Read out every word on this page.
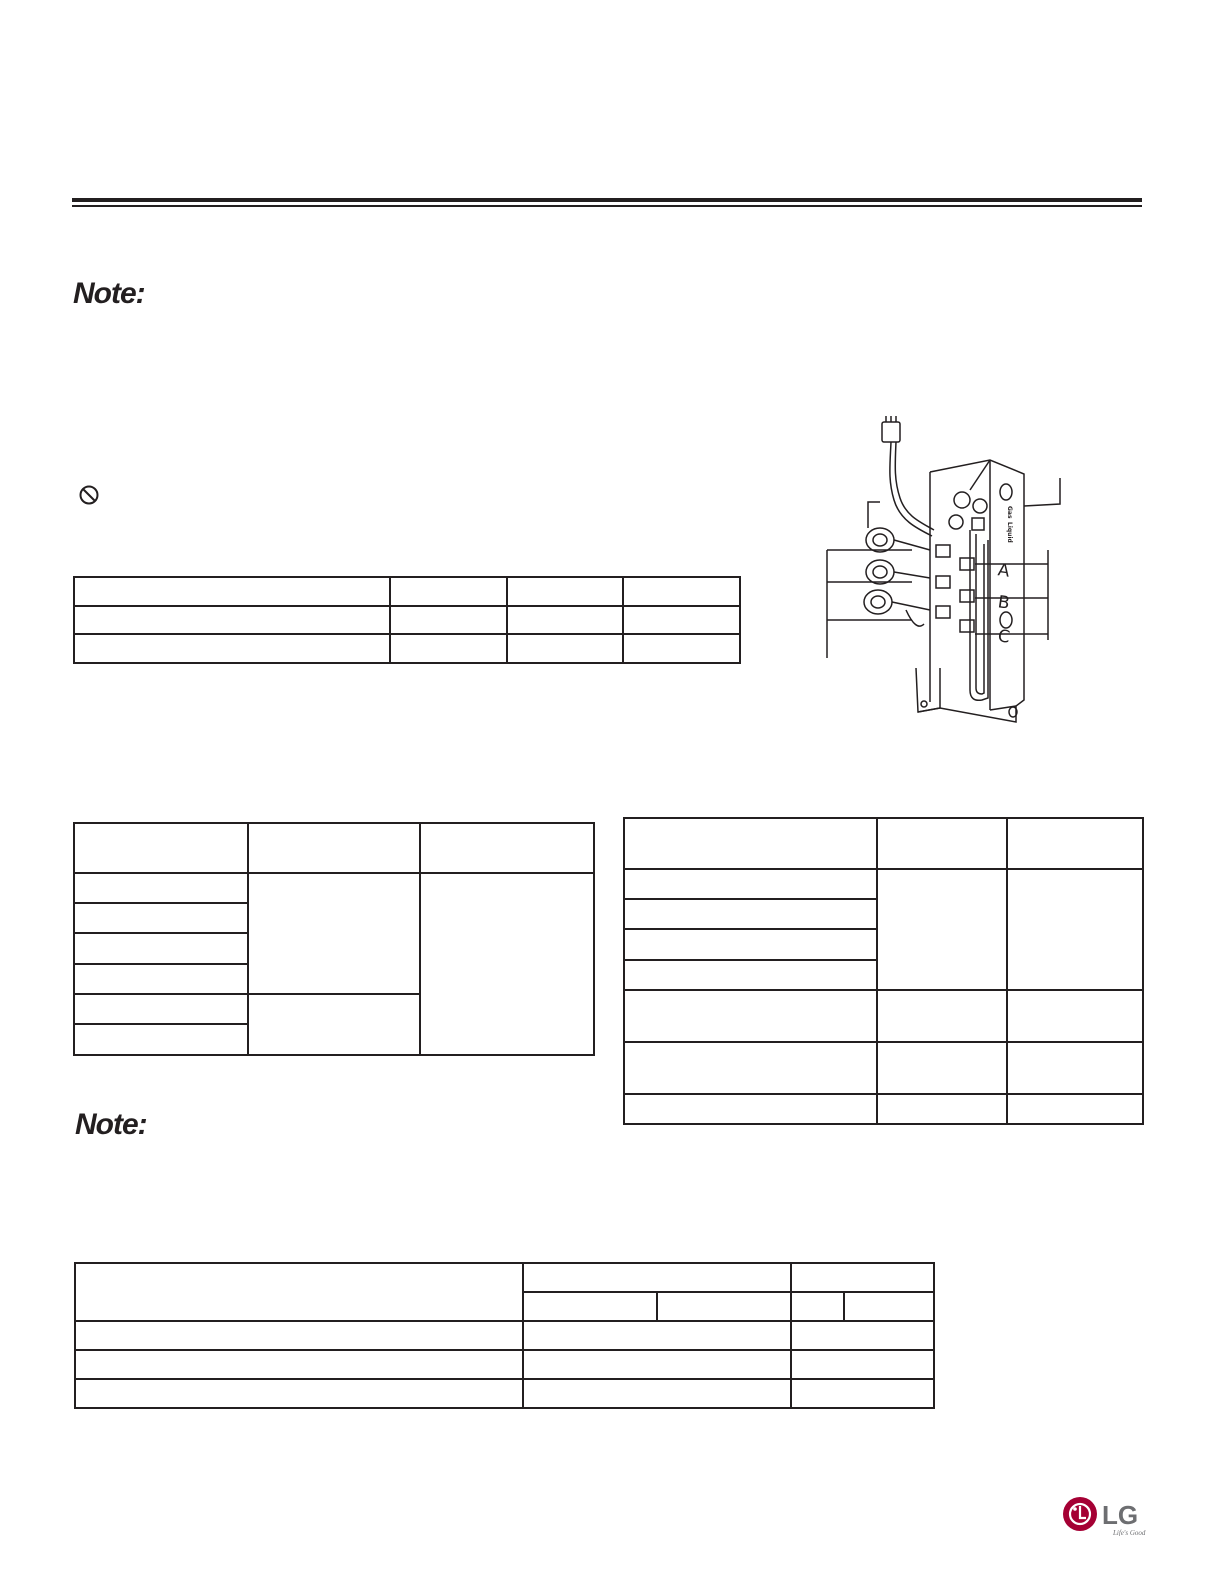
Note:
Note:

A
B
C
Gas
Liquid
LG
Life's Good
